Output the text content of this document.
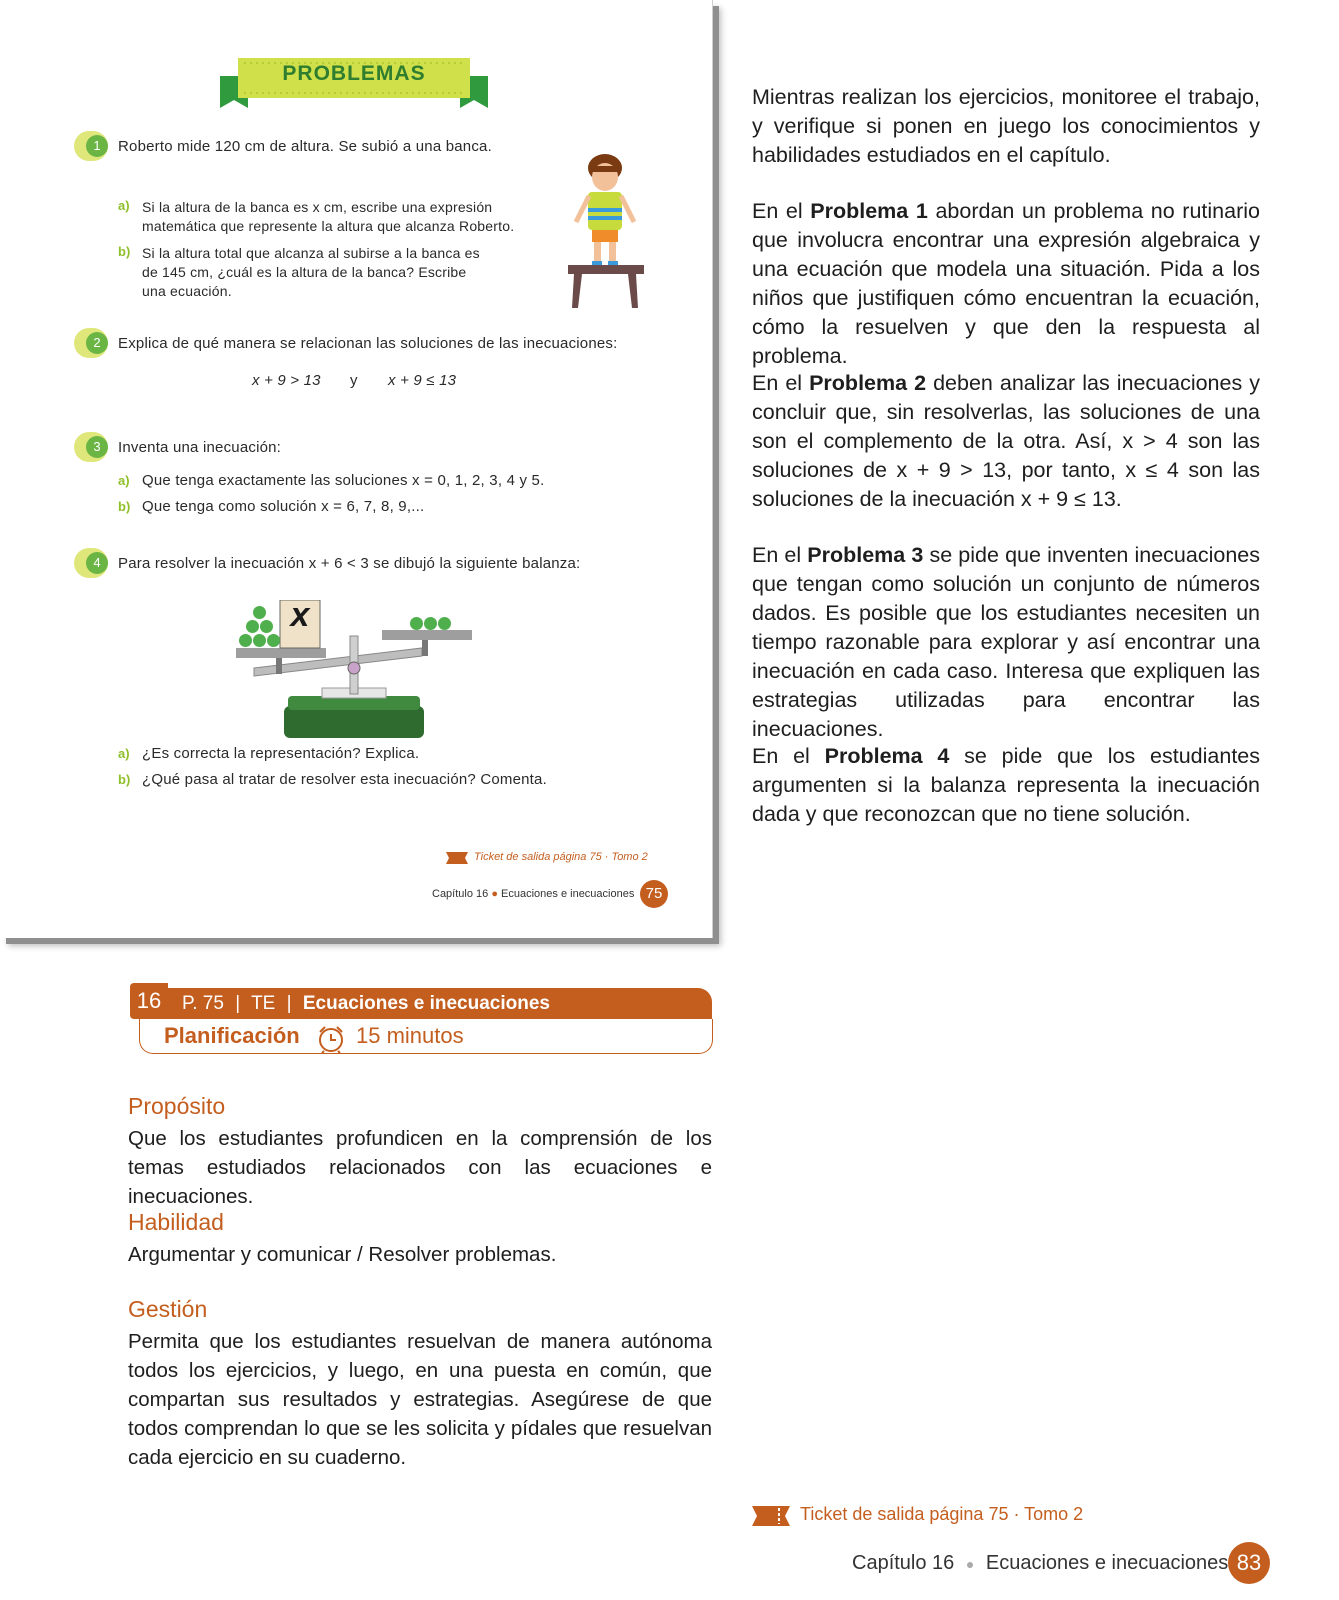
PROBLEMAS
1	Roberto mide 120 cm de altura. Se subió a una banca.
a) Si la altura de la banca es x cm, escribe una expresión
matemática que represente la altura que alcanza Roberto.
b) Si la altura total que alcanza al subirse a la banca es
de 145 cm, ¿cuál es la altura de la banca? Escribe
una ecuación.
2	Explica de qué manera se relacionan las soluciones de las inecuaciones:
x + 9 > 13 y x + 9 ≤ 13
3	Inventa una inecuación:
a) Que tenga exactamente las soluciones x = 0, 1, 2, 3, 4 y 5.
b) Que tenga como solución x = 6, 7, 8, 9,...
4	Para resolver la inecuación x + 6 < 3 se dibujó la siguiente balanza:
x
a) ¿Es correcta la representación? Explica.
b) ¿Qué pasa al tratar de resolver esta inecuación? Comenta.
Ticket de salida página 75 · Tomo 2
Capítulo 16 ● Ecuaciones e inecuaciones 75
Mientras realizan los ejercicios, monitoree el trabajo, y verifique si ponen en juego los conocimientos y habilidades estudiados en el capítulo.
En el Problema 1 abordan un problema no rutinario que involucra encontrar una expresión algebraica y una ecuación que modela una situación. Pida a los niños que justifiquen cómo encuentran la ecuación, cómo la resuelven y que den la respuesta al problema.
En el Problema 2 deben analizar las inecuaciones y concluir que, sin resolverlas, las soluciones de una son el complemento de la otra. Así, x > 4 son las soluciones de x + 9 > 13, por tanto, x ≤ 4 son las soluciones de la inecuación x + 9 ≤ 13.
En el Problema 3 se pide que inventen inecuaciones que tengan como solución un conjunto de números dados. Es posible que los estudiantes necesiten un tiempo razonable para explorar y así encontrar una inecuación en cada caso. Interesa que expliquen las estrategias utilizadas para encontrar las inecuaciones.
En el Problema 4 se pide que los estudiantes argumenten si la balanza representa la inecuación dada y que reconozcan que no tiene solución.
16	P. 75 | TE | Ecuaciones e inecuaciones
Planificación	15 minutos
Propósito
Que los estudiantes profundicen en la comprensión de los temas estudiados relacionados con las ecuaciones e inecuaciones.
Habilidad
Argumentar y comunicar / Resolver problemas.
Gestión
Permita que los estudiantes resuelvan de manera autónoma todos los ejercicios, y luego, en una puesta en común, que compartan sus resultados y estrategias. Asegúrese de que todos comprendan lo que se les solicita y pídales que resuelvan cada ejercicio en su cuaderno.
Ticket de salida página 75 · Tomo 2
Capítulo 16 ● Ecuaciones e inecuaciones 83
